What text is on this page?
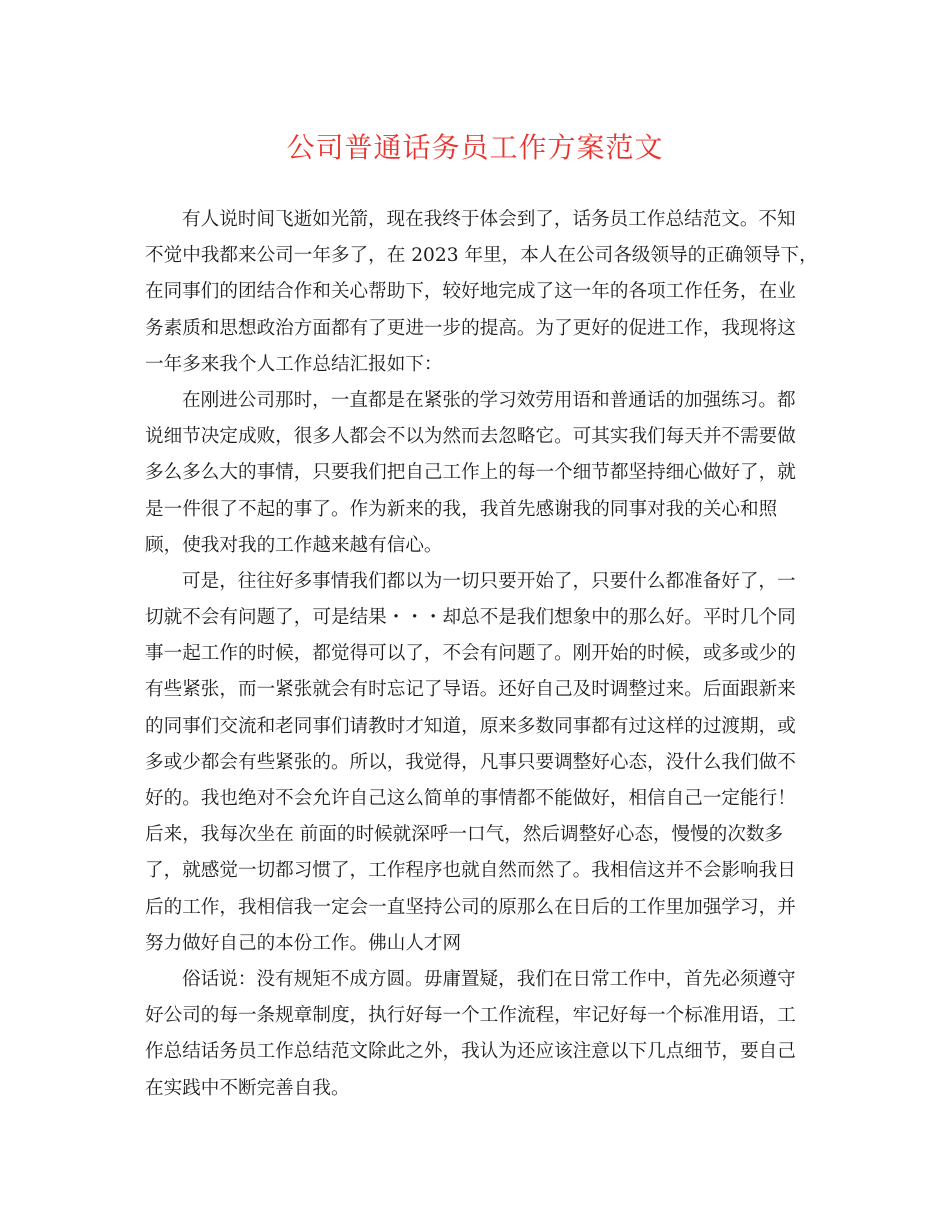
公司普通话务员工作方案范文
有人说时间飞逝如光箭，现在我终于体会到了，话务员工作总结范文。不知
不觉中我都来公司一年多了，在 2023 年里，本人在公司各级领导的正确领导下，
在同事们的团结合作和关心帮助下，较好地完成了这一年的各项工作任务，在业
务素质和思想政治方面都有了更进一步的提高。为了更好的促进工作，我现将这
一年多来我个人工作总结汇报如下：
在刚进公司那时，一直都是在紧张的学习效劳用语和普通话的加强练习。都
说细节决定成败，很多人都会不以为然而去忽略它。可其实我们每天并不需要做
多么多么大的事情，只要我们把自己工作上的每一个细节都坚持细心做好了，就
是一件很了不起的事了。作为新来的我，我首先感谢我的同事对我的关心和照
顾，使我对我的工作越来越有信心。
可是，往往好多事情我们都以为一切只要开始了，只要什么都准备好了，一
切就不会有问题了，可是结果・・・却总不是我们想象中的那么好。平时几个同
事一起工作的时候，都觉得可以了，不会有问题了。刚开始的时候，或多或少的
有些紧张，而一紧张就会有时忘记了导语。还好自己及时调整过来。后面跟新来
的同事们交流和老同事们请教时才知道，原来多数同事都有过这样的过渡期，或
多或少都会有些紧张的。所以，我觉得，凡事只要调整好心态，没什么我们做不
好的。我也绝对不会允许自己这么简单的事情都不能做好，相信自己一定能行！
后来，我每次坐在 前面的时候就深呼一口气，然后调整好心态，慢慢的次数多
了，就感觉一切都习惯了，工作程序也就自然而然了。我相信这并不会影响我日
后的工作，我相信我一定会一直坚持公司的原那么在日后的工作里加强学习，并
努力做好自己的本份工作。佛山人才网
俗话说：没有规矩不成方圆。毋庸置疑，我们在日常工作中，首先必须遵守
好公司的每一条规章制度，执行好每一个工作流程，牢记好每一个标准用语，工
作总结话务员工作总结范文除此之外，我认为还应该注意以下几点细节，要自己
在实践中不断完善自我。
